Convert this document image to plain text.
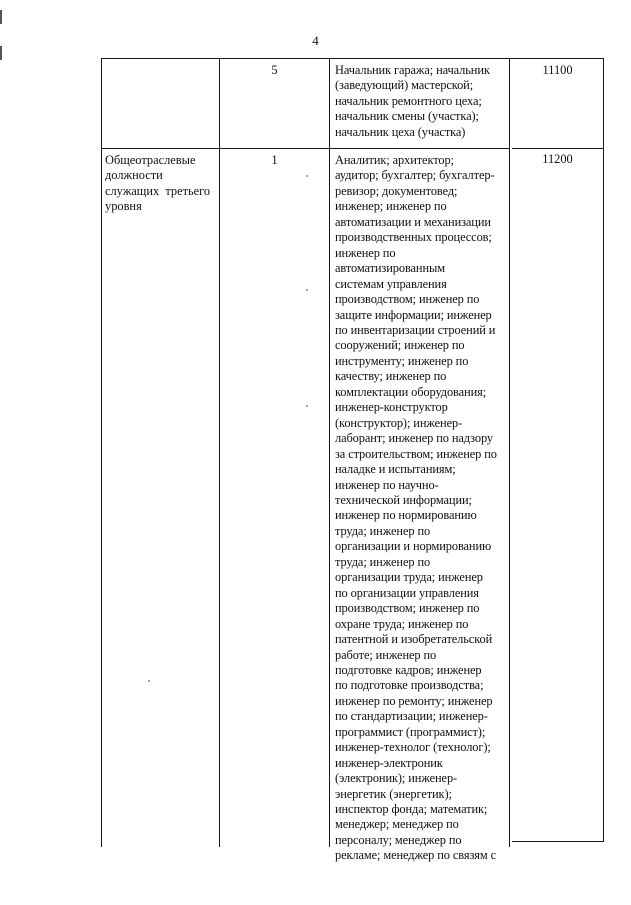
4
5	Начальник гаража; начальник
(заведующий) мастерской;
начальник ремонтного цеха;
начальник смены (участка);
начальник цеха (участка)
Общеотраслевые
должности
служащих  третьего
уровня
1	Аналитик; архитектор;
аудитор; бухгалтер; бухгалтер-
ревизор; документовед;
инженер; инженер по
автоматизации и механизации
производственных процессов;
инженер по
автоматизированным
системам управления
производством; инженер по
защите информации; инженер
по инвентаризации строений и
сооружений; инженер по
инструменту; инженер по
качеству; инженер по
комплектации оборудования;
инженер-конструктор
(конструктор); инженер-
лаборант; инженер по надзору
за строительством; инженер по
наладке и испытаниям;
инженер по научно-
технической информации;
инженер по нормированию
труда; инженер по
организации и нормированию
труда; инженер по
организации труда; инженер
по организации управления
производством; инженер по
охране труда; инженер по
патентной и изобретательской
работе; инженер по
подготовке кадров; инженер
по подготовке производства;
инженер по ремонту; инженер
по стандартизации; инженер-
программист (программист);
инженер-технолог (технолог);
инженер-электроник
(электроник); инженер-
энергетик (энергетик);
инспектор фонда; математик;
менеджер; менеджер по
персоналу; менеджер по
рекламе; менеджер по связям с
11100
11200
